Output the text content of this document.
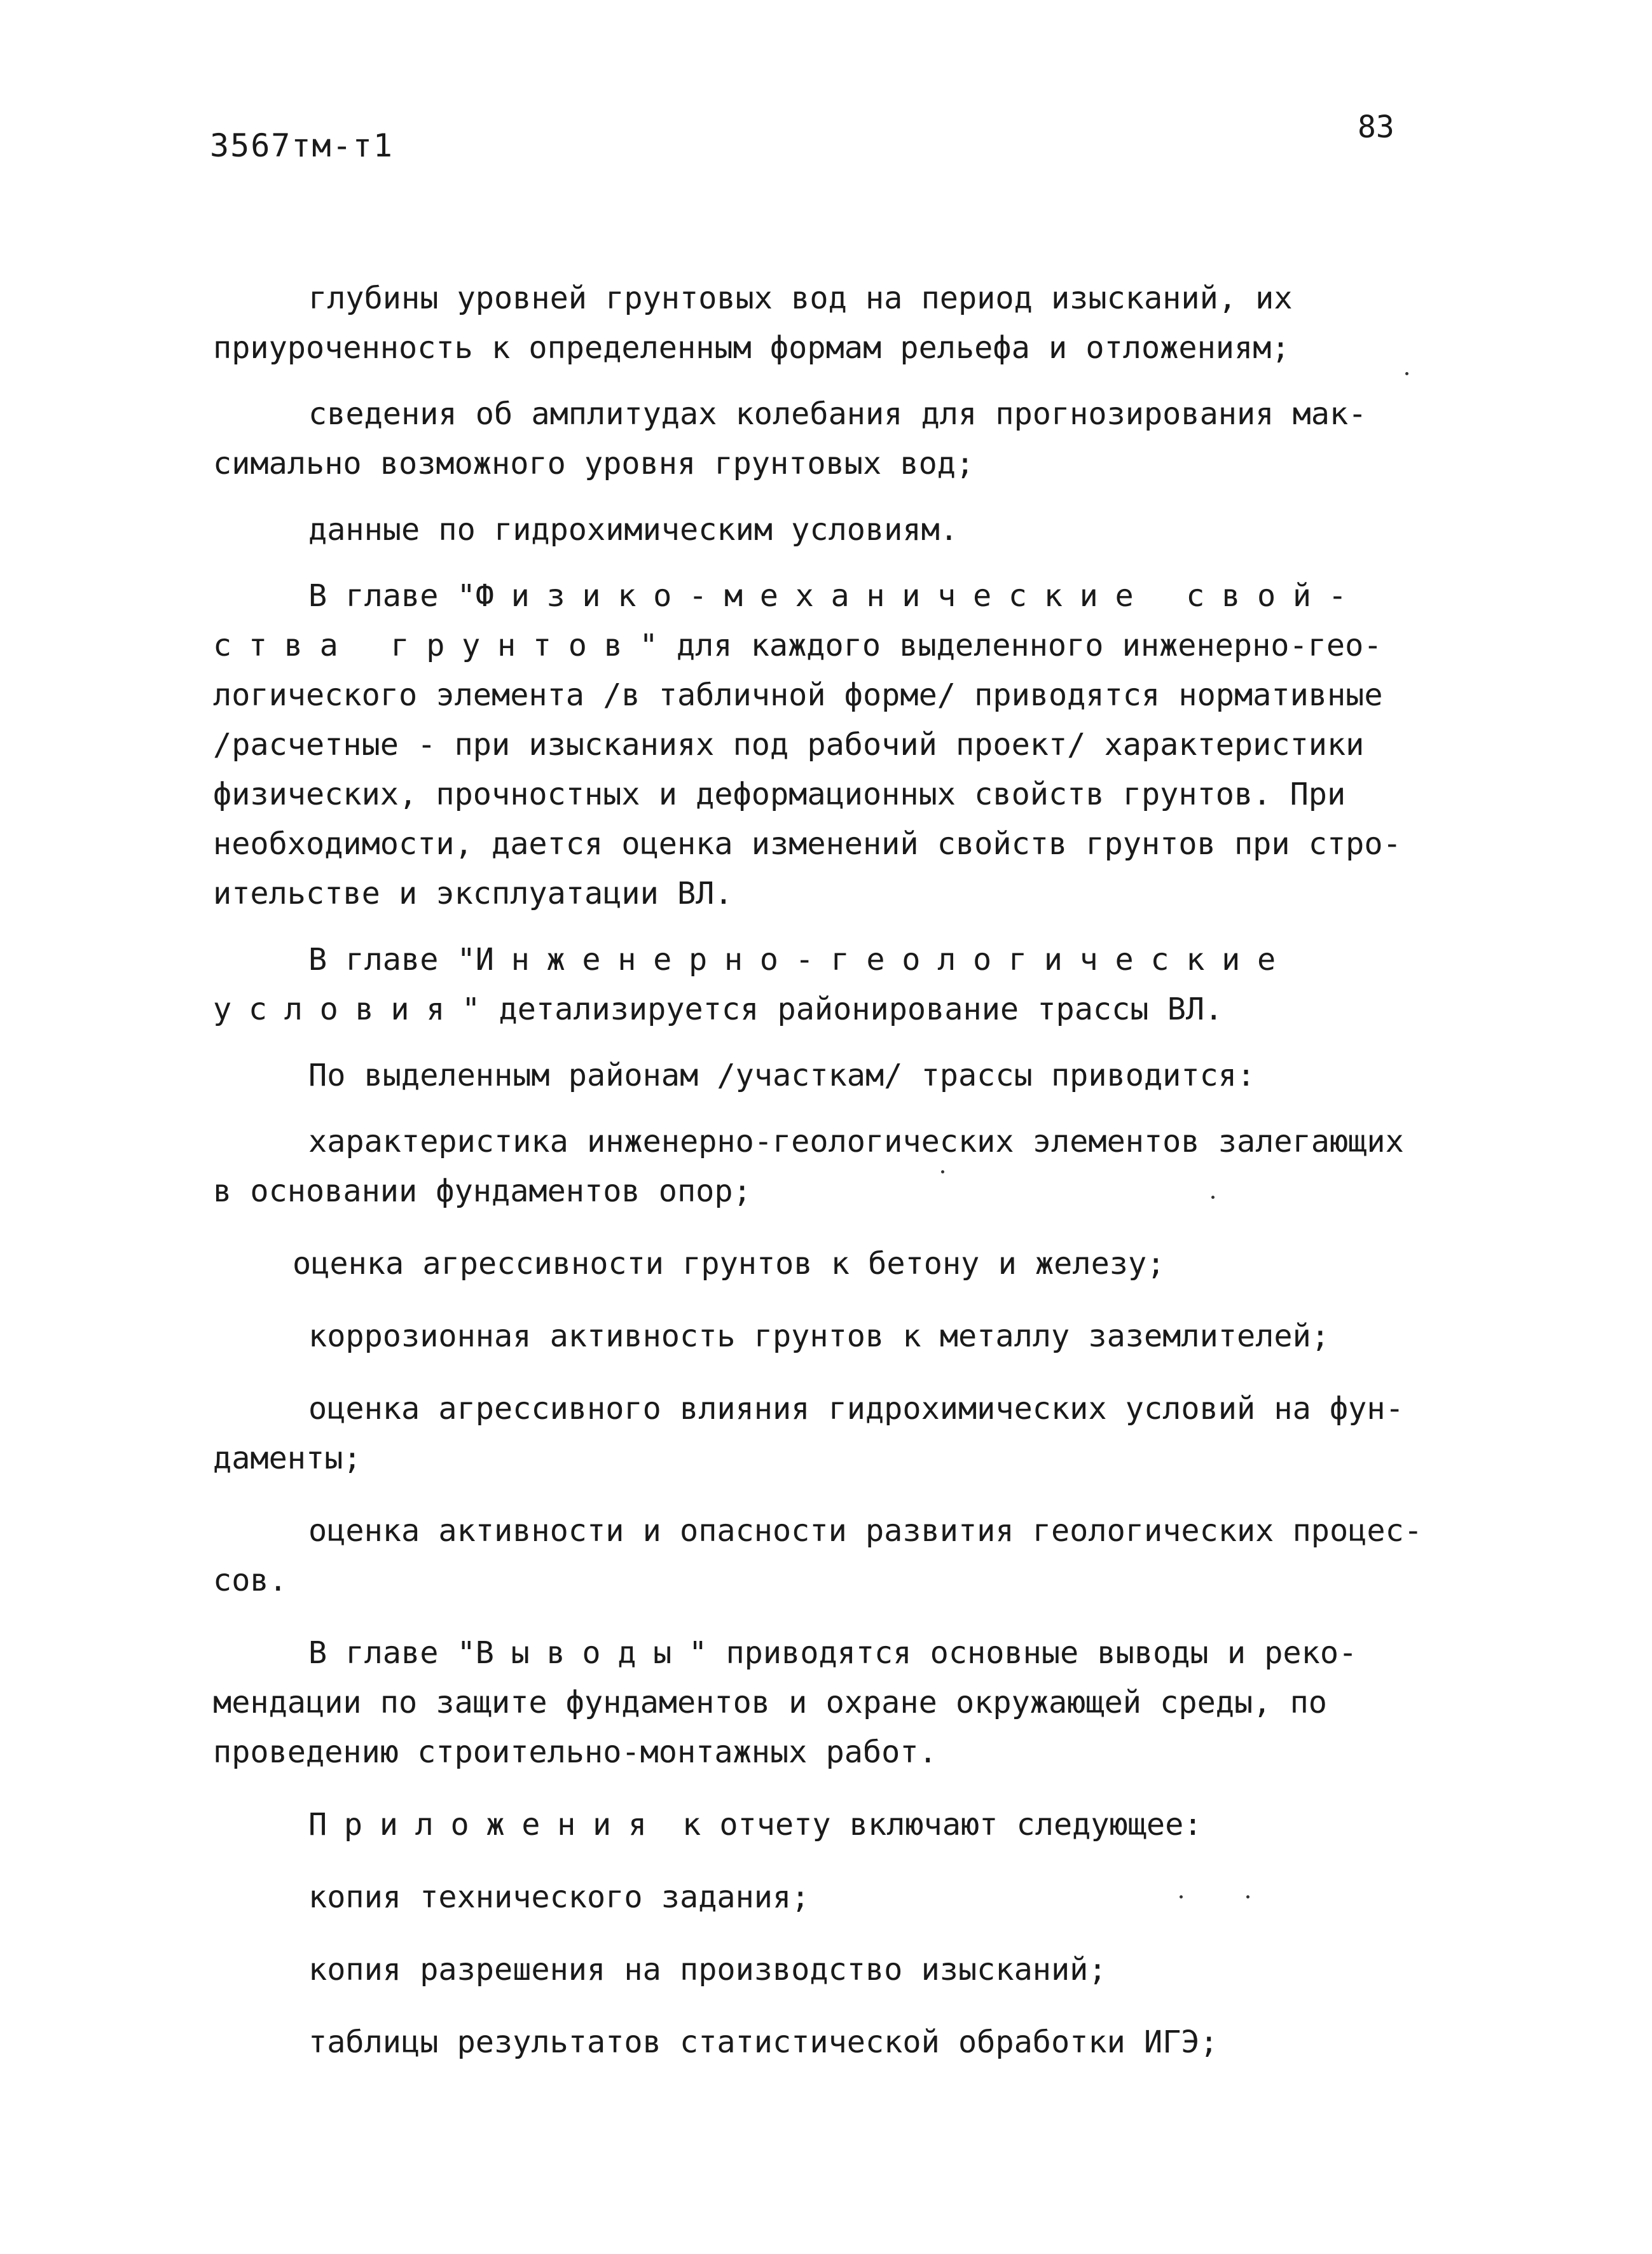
3567тм-т1	83
глубины уровней грунтовых вод на период изысканий, их
приуроченность к определенным формам рельефа и отложениям;
сведения об амплитудах колебания для прогнозирования мак-
симально возможного уровня грунтовых вод;
данные по гидрохимическим условиям.
В главе "Физико-механические свой-
ства грунтов" для каждого выделенного инженерно-гео-
логического элемента /в табличной форме/ приводятся нормативные
/расчетные - при изысканиях под рабочий проект/ характеристики
физических, прочностных и деформационных свойств грунтов. При
необходимости, дается оценка изменений свойств грунтов при стро-
ительстве и эксплуатации ВЛ.
В главе "Инженерно-геологические
условия" детализируется районирование трассы ВЛ.
По выделенным районам /участкам/ трассы приводится:
характеристика инженерно-геологических элементов залегающих
в основании фундаментов опор;
оценка агрессивности грунтов к бетону и железу;
коррозионная активность грунтов к металлу заземлителей;
оценка агрессивного влияния гидрохимических условий на фун-
даменты;
оценка активности и опасности развития геологических процес-
сов.
В главе "Выводы" приводятся основные выводы и реко-
мендации по защите фундаментов и охране окружающей среды, по
проведению строительно-монтажных работ.
Приложения к отчету включают следующее:
копия технического задания;
копия разрешения на производство изысканий;
таблицы результатов статистической обработки ИГЭ;
